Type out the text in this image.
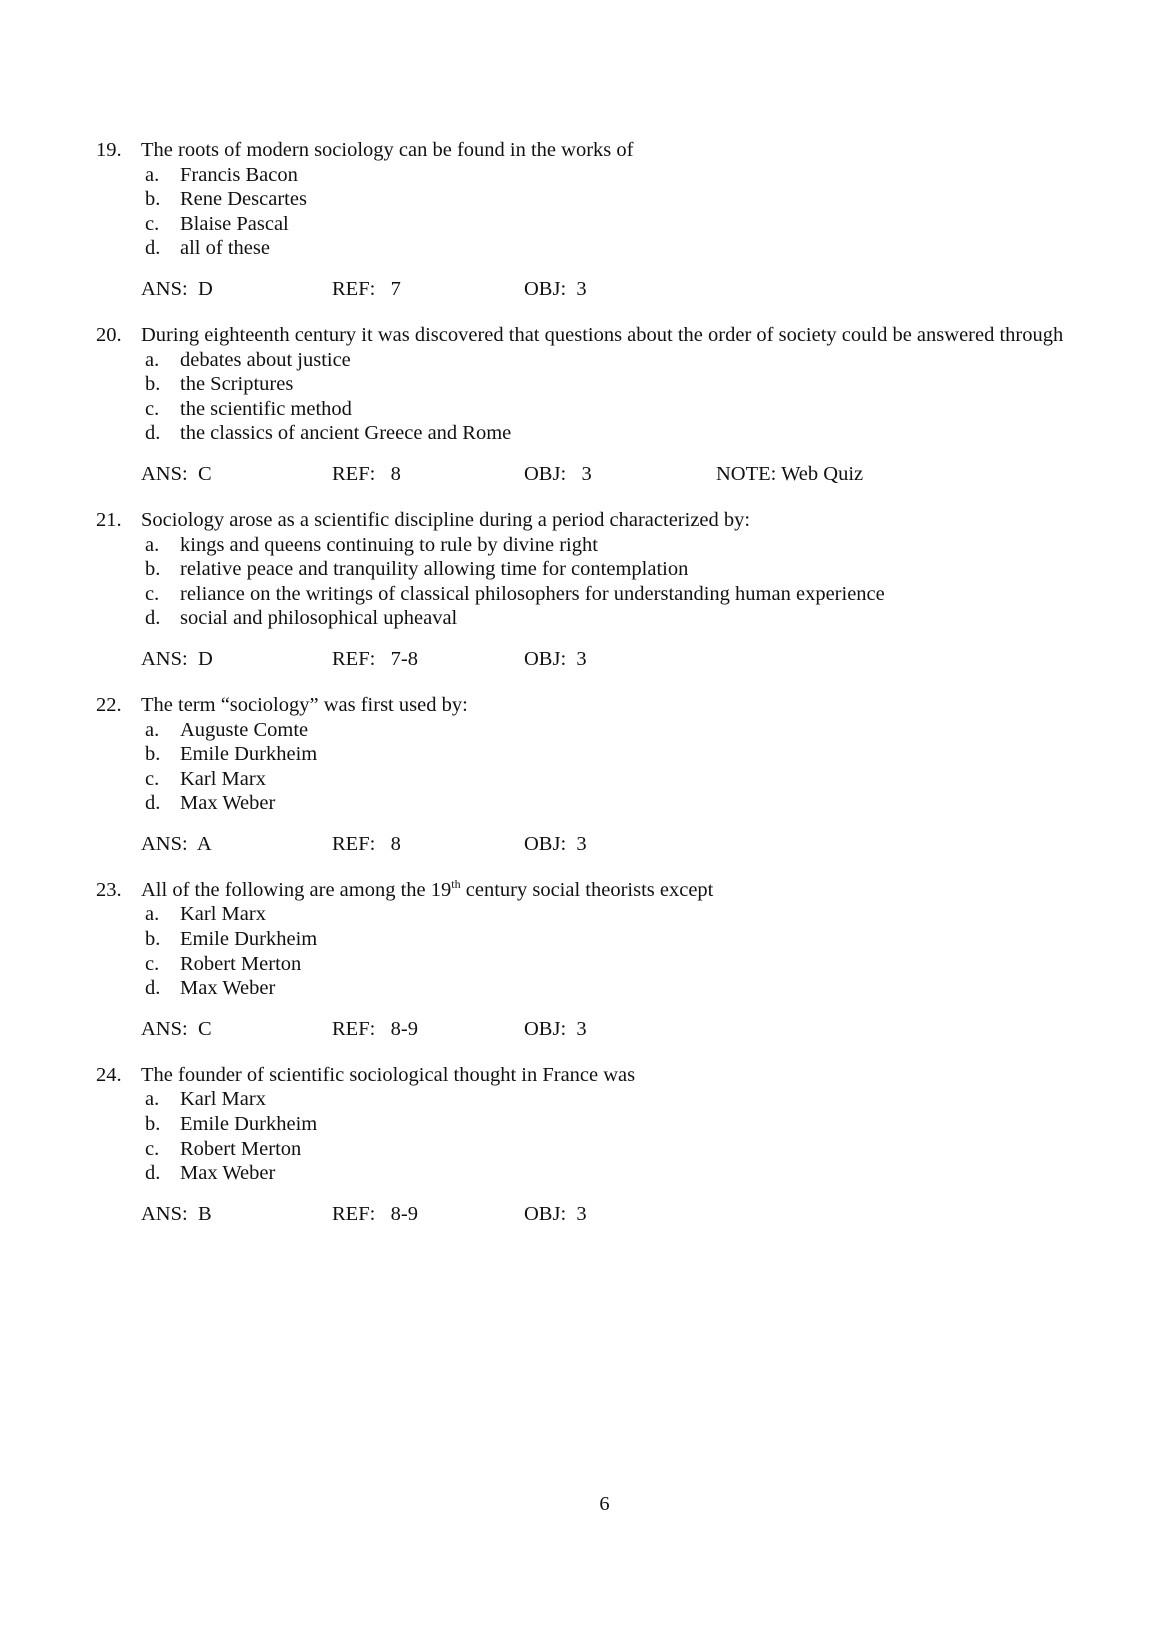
19. The roots of modern sociology can be found in the works of
a.	Francis Bacon
b. Rene Descartes
c.	Blaise Pascal
d. all of these
ANS:  D	REF:   7	OBJ:  3
20. During eighteenth century it was discovered that questions about the order of society could be answered through
a.	debates about justice
b. the Scriptures
c.	the scientific method
d. the classics of ancient Greece and Rome
ANS:  C	REF:   8	OBJ:   3	NOTE: Web Quiz
21. Sociology arose as a scientific discipline during a period characterized by:
a.	kings and queens continuing to rule by divine right
b. relative peace and tranquility allowing time for contemplation
c.	reliance on the writings of classical philosophers for understanding human experience
d. social and philosophical upheaval
ANS:  D	REF:   7-8	OBJ:  3
22. The term “sociology” was first used by:
a.	Auguste Comte
b. Emile Durkheim
c.	Karl Marx
d. Max Weber
ANS:  A	REF:   8	OBJ:  3
23. All of the following are among the 19th century social theorists except
a.	Karl Marx
b. Emile Durkheim
c.	Robert Merton
d. Max Weber
ANS:  C	REF:   8-9	OBJ:  3
24. The founder of scientific sociological thought in France was
a.	Karl Marx
b. Emile Durkheim
c.	Robert Merton
d. Max Weber
ANS:  B	REF:   8-9	OBJ:  3
6
